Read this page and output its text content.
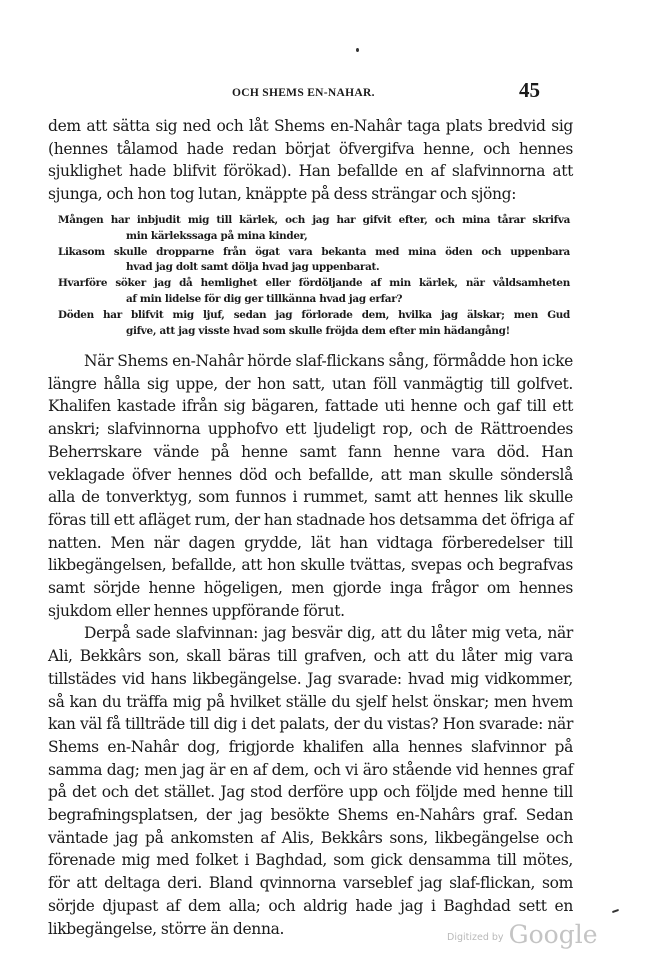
OCH SHEMS EN-NAHAR.	45

dem att sätta sig ned och låt Shems en-Nahâr taga plats bredvid sig (hennes tålamod hade redan börjat öfvergifva henne, och hennes sjuklighet hade blifvit förökad). Han befallde en af slafvinnorna att sjunga, och hon tog lutan, knäppte på dess strängar och sjöng:

Mången har inbjudit mig till kärlek, och jag har gifvit efter, och mina tårar skrifva
min kärlekssaga på mina kinder,
Likasom skulle dropparne från ögat vara bekanta med mina öden och uppenbara
hvad jag dolt samt dölja hvad jag uppenbarat.
Hvarföre söker jag då hemlighet eller fördöljande af min kärlek, när våldsamheten
af min lidelse för dig ger tillkänna hvad jag erfar?
Döden har blifvit mig ljuf, sedan jag förlorade dem, hvilka jag älskar; men Gud
gifve, att jag visste hvad som skulle fröjda dem efter min hädangång!

När Shems en-Nahâr hörde slaf-flickans sång, förmådde hon icke längre hålla sig uppe, der hon satt, utan föll vanmägtig till golfvet. Khalifen kastade ifrån sig bägaren, fattade uti henne och gaf till ett anskri; slafvinnorna upphofvo ett ljudeligt rop, och de Rättroendes Beherrskare vände på henne samt fann henne vara död. Han veklagade öfver hennes död och befallde, att man skulle sönderslå alla de tonverktyg, som funnos i rummet, samt att hennes lik skulle föras till ett afläget rum, der han stadnade hos detsamma det öfriga af natten. Men när dagen grydde, lät han vidtaga förberedelser till likbegängelsen, befallde, att hon skulle tvättas, svepas och begrafvas samt sörjde henne högeligen, men gjorde inga frågor om hennes sjukdom eller hennes uppförande förut.

Derpå sade slafvinnan: jag besvär dig, att du låter mig veta, när Ali, Bekkârs son, skall bäras till grafven, och att du låter mig vara tillstädes vid hans likbegängelse. Jag svarade: hvad mig vidkommer, så kan du träffa mig på hvilket ställe du sjelf helst önskar; men hvem kan väl få tillträde till dig i det palats, der du vistas? Hon svarade: när Shems en-Nahâr dog, frigjorde khalifen alla hennes slafvinnor på samma dag; men jag är en af dem, och vi äro stående vid hennes graf på det och det stället. Jag stod derföre upp och följde med henne till begrafningsplatsen, der jag besökte Shems en-Nahârs graf. Sedan väntade jag på ankomsten af Alis, Bekkârs sons, likbegängelse och förenade mig med folket i Baghdad, som gick densamma till mötes, för att deltaga deri. Bland qvinnorna varseblef jag slaf-flickan, som sörjde djupast af dem alla; och aldrig hade jag i Baghdad sett en likbegängelse, större än denna.	Digitized by Google
